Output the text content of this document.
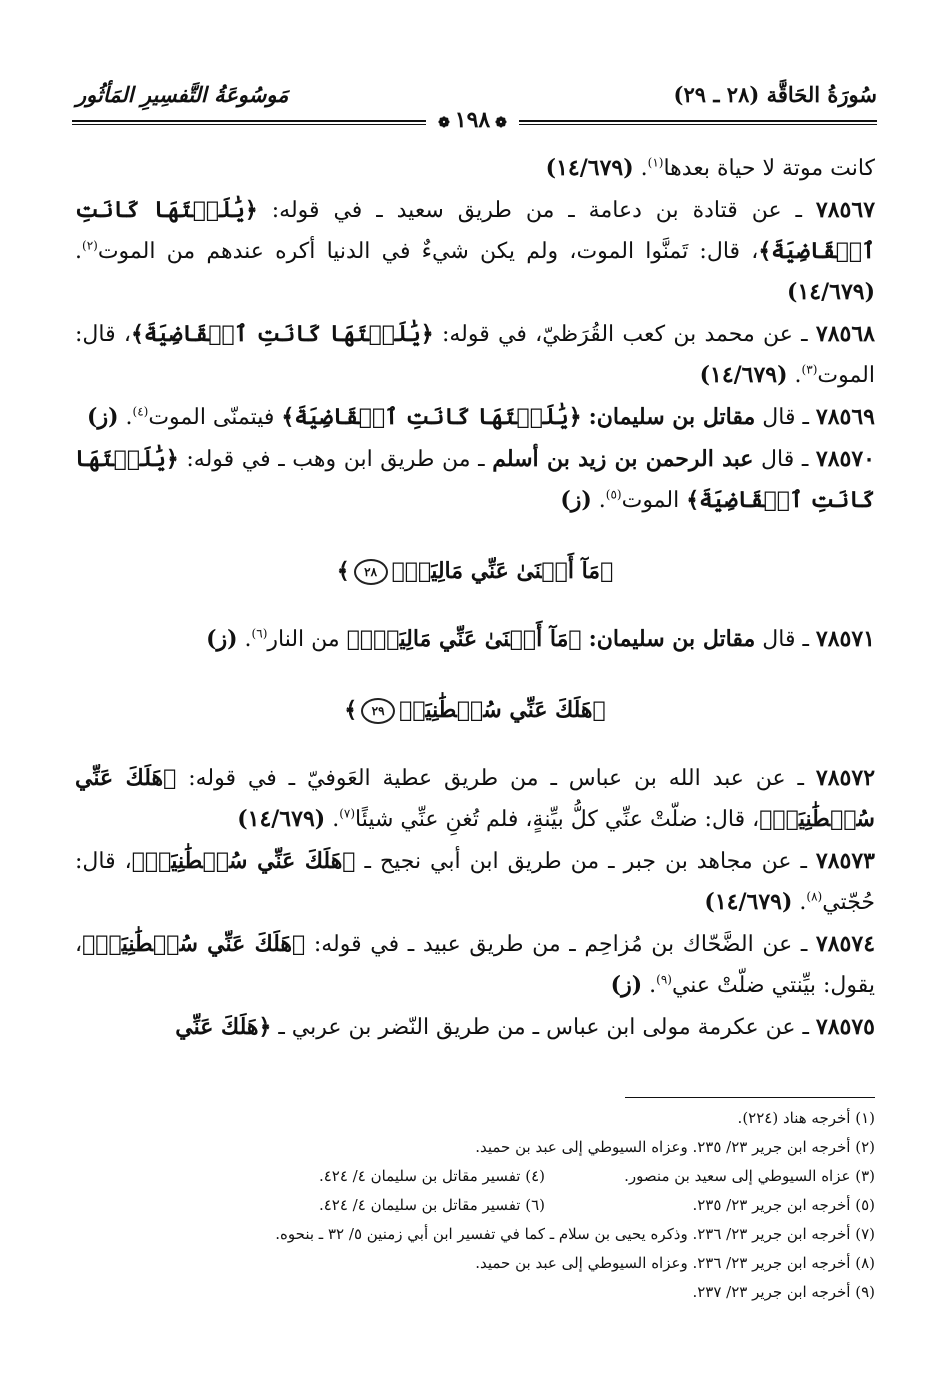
سُورَةُ الحَاقَّة (٢٨ ـ ٢٩)
مَوسُوعَةُ التَّفسِيرِ المَأثُور
❁ ١٩٨ ❁

كانت موتة لا حياة بعدها$^{(١)}$. (١٤/٦٧٩)

٧٨٥٦٧ ـ عن قتادة بن دعامة ـ من طريق سعيد ـ في قوله: ﴿يَٰلَيۡتَهَا كَانَتِ ٱلۡقَاضِيَةَ﴾، قال: تَمنَّوا الموت، ولم يكن شيءٌ في الدنيا أكره عندهم من الموت$^{(٢)}$. (١٤/٦٧٩)

٧٨٥٦٨ ـ عن محمد بن كعب القُرَظيّ، في قوله: ﴿يَٰلَيۡتَهَا كَانَتِ ٱلۡقَاضِيَةَ﴾، قال: الموت$^{(٣)}$. (١٤/٦٧٩)

٧٨٥٦٩ ـ قال مقاتل بن سليمان: ﴿يَٰلَيۡتَهَا كَانَتِ ٱلۡقَاضِيَةَ﴾ فيتمنّى الموت$^{(٤)}$. (ز)

٧٨٥٧٠ ـ قال عبد الرحمن بن زيد بن أسلم ـ من طريق ابن وهب ـ في قوله: ﴿يَٰلَيۡتَهَا كَانَتِ ٱلۡقَاضِيَةَ﴾ الموت$^{(٥)}$. (ز)

﴿مَآ أَغۡنَىٰ عَنِّي مَالِيَهۡۜ٢٨﴾

٧٨٥٧١ ـ قال مقاتل بن سليمان: ﴿مَآ أَغۡنَىٰ عَنِّي مَالِيَهۡۜ﴾ من النار$^{(٦)}$. (ز)

﴿هَلَكَ عَنِّي سُلۡطَٰنِيَهۡ٢٩﴾

٧٨٥٧٢ ـ عن عبد الله بن عباس ـ من طريق عطية العَوفيّ ـ في قوله: ﴿هَلَكَ عَنِّي سُلۡطَٰنِيَهۡ﴾، قال: ضلّتْ عنِّي كلُّ بيِّنةٍ، فلم تُغنِ عنِّي شيئًا$^{(٧)}$. (١٤/٦٧٩)

٧٨٥٧٣ ـ عن مجاهد بن جبر ـ من طريق ابن أبي نجيح ـ ﴿هَلَكَ عَنِّي سُلۡطَٰنِيَهۡ﴾، قال: حُجّتي$^{(٨)}$. (١٤/٦٧٩)

٧٨٥٧٤ ـ عن الضَّحّاك بن مُزاحِم ـ من طريق عبيد ـ في قوله: ﴿هَلَكَ عَنِّي سُلۡطَٰنِيَهۡ﴾، يقول: بيِّنتي ضلّتْ عني$^{(٩)}$. (ز)

٧٨٥٧٥ ـ عن عكرمة مولى ابن عباس ـ من طريق النّضر بن عربي ـ ﴿هَلَكَ عَنِّي

(١) أخرجه هناد (٢٢٤).
(٢) أخرجه ابن جرير ٢٣/ ٢٣٥. وعزاه السيوطي إلى عبد بن حميد.
(٣) عزاه السيوطي إلى سعيد بن منصور.
(٤) تفسير مقاتل بن سليمان ٤/ ٤٢٤.
(٥) أخرجه ابن جرير ٢٣/ ٢٣٥.
(٦) تفسير مقاتل بن سليمان ٤/ ٤٢٤.
(٧) أخرجه ابن جرير ٢٣/ ٢٣٦. وذكره يحيى بن سلام ـ كما في تفسير ابن أبي زمنين ٥/ ٣٢ ـ بنحوه.
(٨) أخرجه ابن جرير ٢٣/ ٢٣٦. وعزاه السيوطي إلى عبد بن حميد.
(٩) أخرجه ابن جرير ٢٣/ ٢٣٧.
